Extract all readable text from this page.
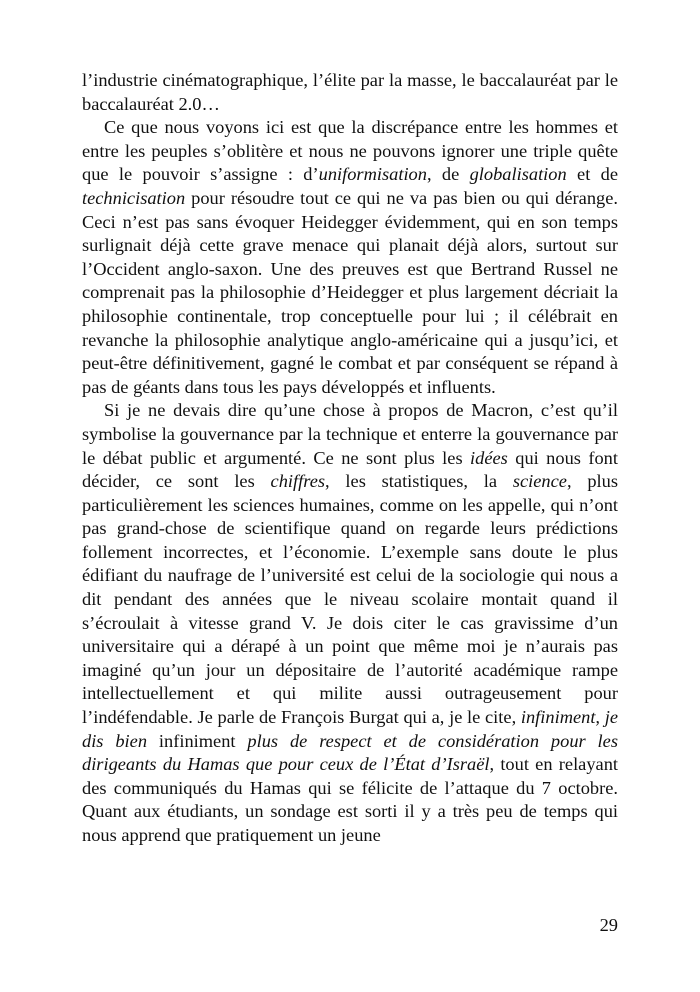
l’industrie cinématographique, l’élite par la masse, le baccalauréat par le baccalauréat 2.0…

Ce que nous voyons ici est que la discrépance entre les hommes et entre les peuples s’oblitère et nous ne pouvons ignorer une triple quête que le pouvoir s’assigne : d’uniformisation, de globalisation et de technicisation pour résoudre tout ce qui ne va pas bien ou qui dérange. Ceci n’est pas sans évoquer Heidegger évidemment, qui en son temps surlignait déjà cette grave menace qui planait déjà alors, surtout sur l’Occident anglo-saxon. Une des preuves est que Bertrand Russel ne comprenait pas la philosophie d’Heidegger et plus largement décriait la philosophie continentale, trop conceptuelle pour lui ; il célébrait en revanche la philosophie analytique anglo-américaine qui a jusqu’ici, et peut-être définitivement, gagné le combat et par conséquent se répand à pas de géants dans tous les pays développés et influents.

Si je ne devais dire qu’une chose à propos de Macron, c’est qu’il symbolise la gouvernance par la technique et enterre la gouvernance par le débat public et argumenté. Ce ne sont plus les idées qui nous font décider, ce sont les chiffres, les statistiques, la science, plus particulièrement les sciences humaines, comme on les appelle, qui n’ont pas grand-chose de scientifique quand on regarde leurs prédictions follement incorrectes, et l’économie. L’exemple sans doute le plus édifiant du naufrage de l’université est celui de la sociologie qui nous a dit pendant des années que le niveau scolaire montait quand il s’écroulait à vitesse grand V. Je dois citer le cas gravissime d’un universitaire qui a dérapé à un point que même moi je n’aurais pas imaginé qu’un jour un dépositaire de l’autorité académique rampe intellectuellement et qui milite aussi outrageusement pour l’indéfendable. Je parle de François Burgat qui a, je le cite, infiniment, je dis bien infiniment plus de respect et de considération pour les dirigeants du Hamas que pour ceux de l’État d’Israël, tout en relayant des communiqués du Hamas qui se félicite de l’attaque du 7 octobre. Quant aux étudiants, un sondage est sorti il y a très peu de temps qui nous apprend que pratiquement un jeune

29
